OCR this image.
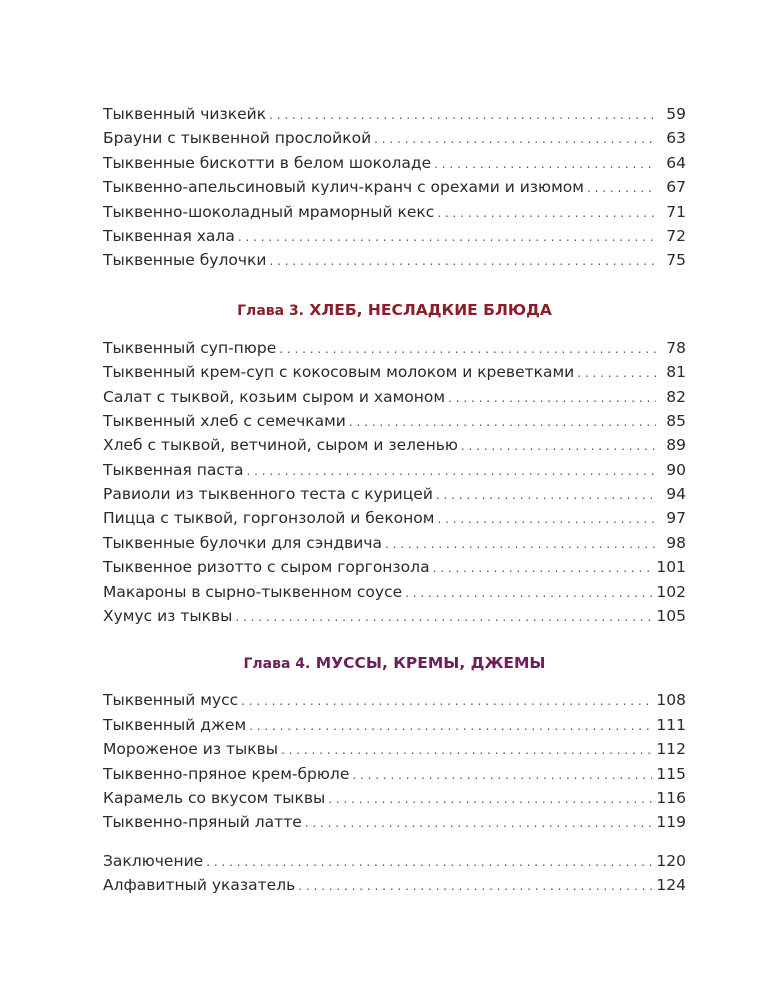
Тыквенный чизкейк . . .	59
Брауни с тыквенной прослойкой . . .	63
Тыквенные бискотти в белом шоколаде . . .	64
Тыквенно-апельсиновый кулич-кранч с орехами и изюмом . . .	67
Тыквенно-шоколадный мраморный кекс . . .	71
Тыквенная хала . . .	72
Тыквенные булочки . . .	75
Глава 3. ХЛЕБ, НЕСЛАДКИЕ БЛЮДА
Тыквенный суп-пюре . . .	78
Тыквенный крем-суп с кокосовым молоком и креветками . . .	81
Салат с тыквой, козьим сыром и хамоном . . .	82
Тыквенный хлеб с семечками . . .	85
Хлеб с тыквой, ветчиной, сыром и зеленью . . .	89
Тыквенная паста . . .	90
Равиоли из тыквенного теста с курицей . . .	94
Пицца с тыквой, горгонзолой и беконом . . .	97
Тыквенные булочки для сэндвича . . .	98
Тыквенное ризотто с сыром горгонзола . . .	101
Макароны в сырно-тыквенном соусе . . .	102
Хумус из тыквы . . .	105
Глава 4. МУССЫ, КРЕМЫ, ДЖЕМЫ
Тыквенный мусс . . .	108
Тыквенный джем . . .	111
Мороженое из тыквы . . .	112
Тыквенно-пряное крем-брюле . . .	115
Карамель со вкусом тыквы . . .	116
Тыквенно-пряный латте . . .	119
Заключение . . .	120
Алфавитный указатель . . .	124
